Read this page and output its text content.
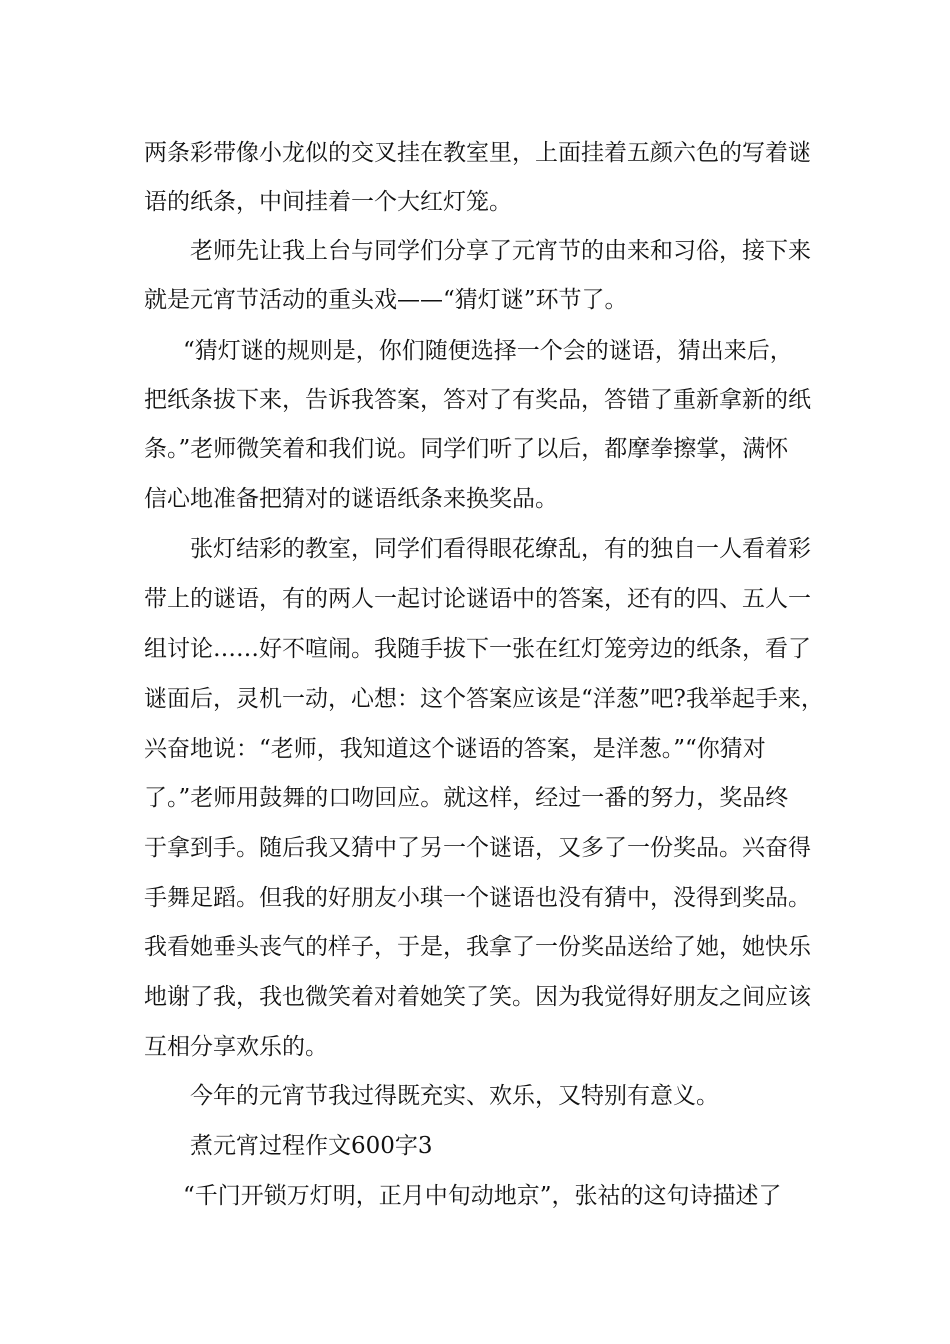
两条彩带像小龙似的交叉挂在教室里，上面挂着五颜六色的写着谜
语的纸条，中间挂着一个大红灯笼。
老师先让我上台与同学们分享了元宵节的由来和习俗，接下来
就是元宵节活动的重头戏——“猜灯谜”环节了。
“猜灯谜的规则是，你们随便选择一个会的谜语，猜出来后，
把纸条拔下来，告诉我答案，答对了有奖品，答错了重新拿新的纸
条。”老师微笑着和我们说。同学们听了以后，都摩拳擦掌，满怀
信心地准备把猜对的谜语纸条来换奖品。
张灯结彩的教室，同学们看得眼花缭乱，有的独自一人看着彩
带上的谜语，有的两人一起讨论谜语中的答案，还有的四、五人一
组讨论……好不喧闹。我随手拔下一张在红灯笼旁边的纸条，看了
谜面后，灵机一动，心想：这个答案应该是“洋葱”吧?我举起手来，
兴奋地说：“老师，我知道这个谜语的答案，是洋葱。”“你猜对
了。”老师用鼓舞的口吻回应。就这样，经过一番的努力，奖品终
于拿到手。随后我又猜中了另一个谜语，又多了一份奖品。兴奋得
手舞足蹈。但我的好朋友小琪一个谜语也没有猜中，没得到奖品。
我看她垂头丧气的样子，于是，我拿了一份奖品送给了她，她快乐
地谢了我，我也微笑着对着她笑了笑。因为我觉得好朋友之间应该
互相分享欢乐的。
今年的元宵节我过得既充实、欢乐，又特别有意义。
煮元宵过程作文600字3
“千门开锁万灯明，正月中旬动地京”，张祜的这句诗描述了
